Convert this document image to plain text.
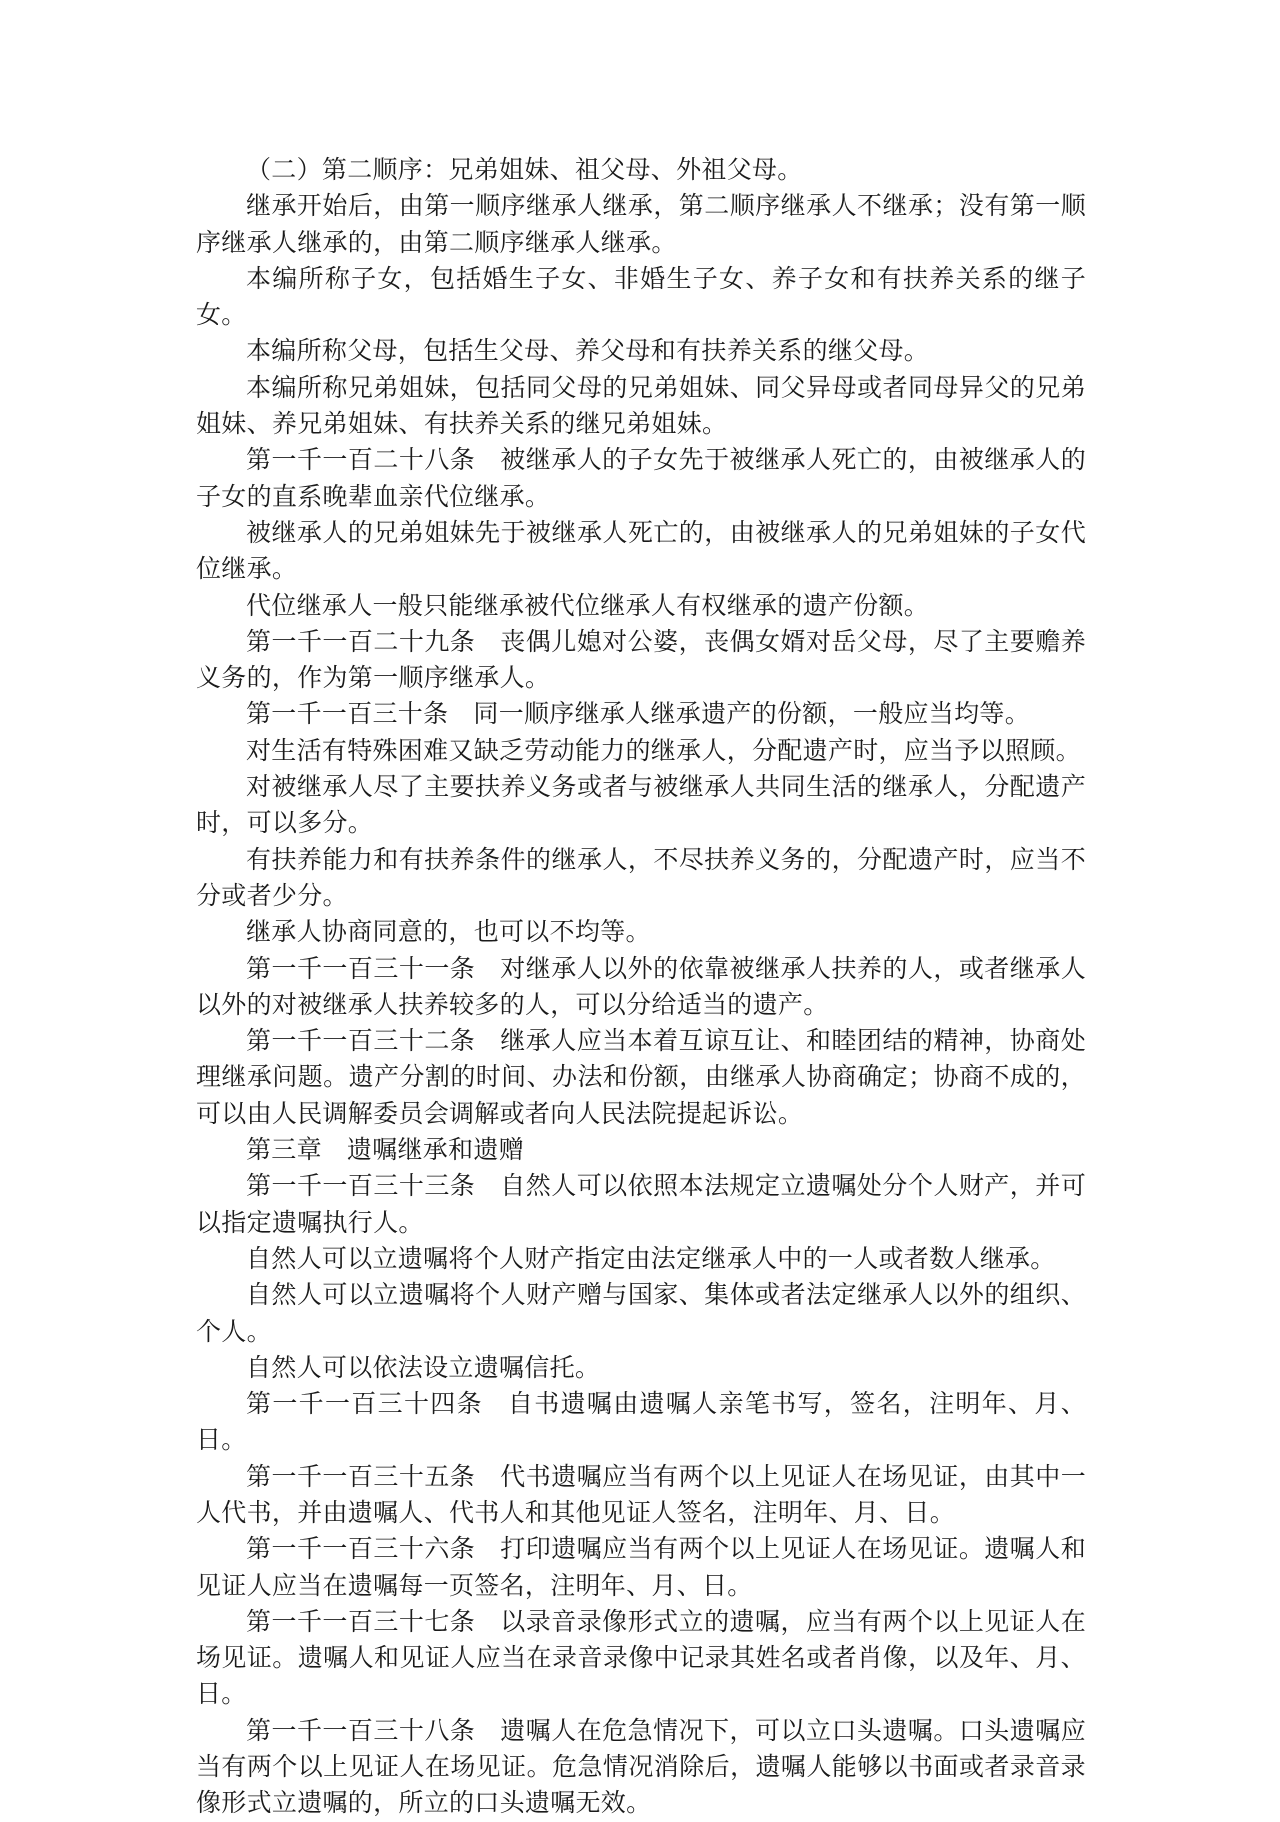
（二）第二顺序：兄弟姐妹、祖父母、外祖父母。

继承开始后，由第一顺序继承人继承，第二顺序继承人不继承；没有第一顺序继承人继承的，由第二顺序继承人继承。

本编所称子女，包括婚生子女、非婚生子女、养子女和有扶养关系的继子女。

本编所称父母，包括生父母、养父母和有扶养关系的继父母。

本编所称兄弟姐妹，包括同父母的兄弟姐妹、同父异母或者同母异父的兄弟姐妹、养兄弟姐妹、有扶养关系的继兄弟姐妹。

第一千一百二十八条 被继承人的子女先于被继承人死亡的，由被继承人的子女的直系晚辈血亲代位继承。

被继承人的兄弟姐妹先于被继承人死亡的，由被继承人的兄弟姐妹的子女代位继承。

代位继承人一般只能继承被代位继承人有权继承的遗产份额。

第一千一百二十九条 丧偶儿媳对公婆，丧偶女婿对岳父母，尽了主要赡养义务的，作为第一顺序继承人。

第一千一百三十条 同一顺序继承人继承遗产的份额，一般应当均等。

对生活有特殊困难又缺乏劳动能力的继承人，分配遗产时，应当予以照顾。

对被继承人尽了主要扶养义务或者与被继承人共同生活的继承人，分配遗产时，可以多分。

有扶养能力和有扶养条件的继承人，不尽扶养义务的，分配遗产时，应当不分或者少分。

继承人协商同意的，也可以不均等。

第一千一百三十一条 对继承人以外的依靠被继承人扶养的人，或者继承人以外的对被继承人扶养较多的人，可以分给适当的遗产。

第一千一百三十二条 继承人应当本着互谅互让、和睦团结的精神，协商处理继承问题。遗产分割的时间、办法和份额，由继承人协商确定；协商不成的，可以由人民调解委员会调解或者向人民法院提起诉讼。

第三章 遗嘱继承和遗赠

第一千一百三十三条 自然人可以依照本法规定立遗嘱处分个人财产，并可以指定遗嘱执行人。

自然人可以立遗嘱将个人财产指定由法定继承人中的一人或者数人继承。

自然人可以立遗嘱将个人财产赠与国家、集体或者法定继承人以外的组织、个人。

自然人可以依法设立遗嘱信托。

第一千一百三十四条 自书遗嘱由遗嘱人亲笔书写，签名，注明年、月、日。

第一千一百三十五条 代书遗嘱应当有两个以上见证人在场见证，由其中一人代书，并由遗嘱人、代书人和其他见证人签名，注明年、月、日。

第一千一百三十六条 打印遗嘱应当有两个以上见证人在场见证。遗嘱人和见证人应当在遗嘱每一页签名，注明年、月、日。

第一千一百三十七条 以录音录像形式立的遗嘱，应当有两个以上见证人在场见证。遗嘱人和见证人应当在录音录像中记录其姓名或者肖像，以及年、月、日。

第一千一百三十八条 遗嘱人在危急情况下，可以立口头遗嘱。口头遗嘱应当有两个以上见证人在场见证。危急情况消除后，遗嘱人能够以书面或者录音录像形式立遗嘱的，所立的口头遗嘱无效。
